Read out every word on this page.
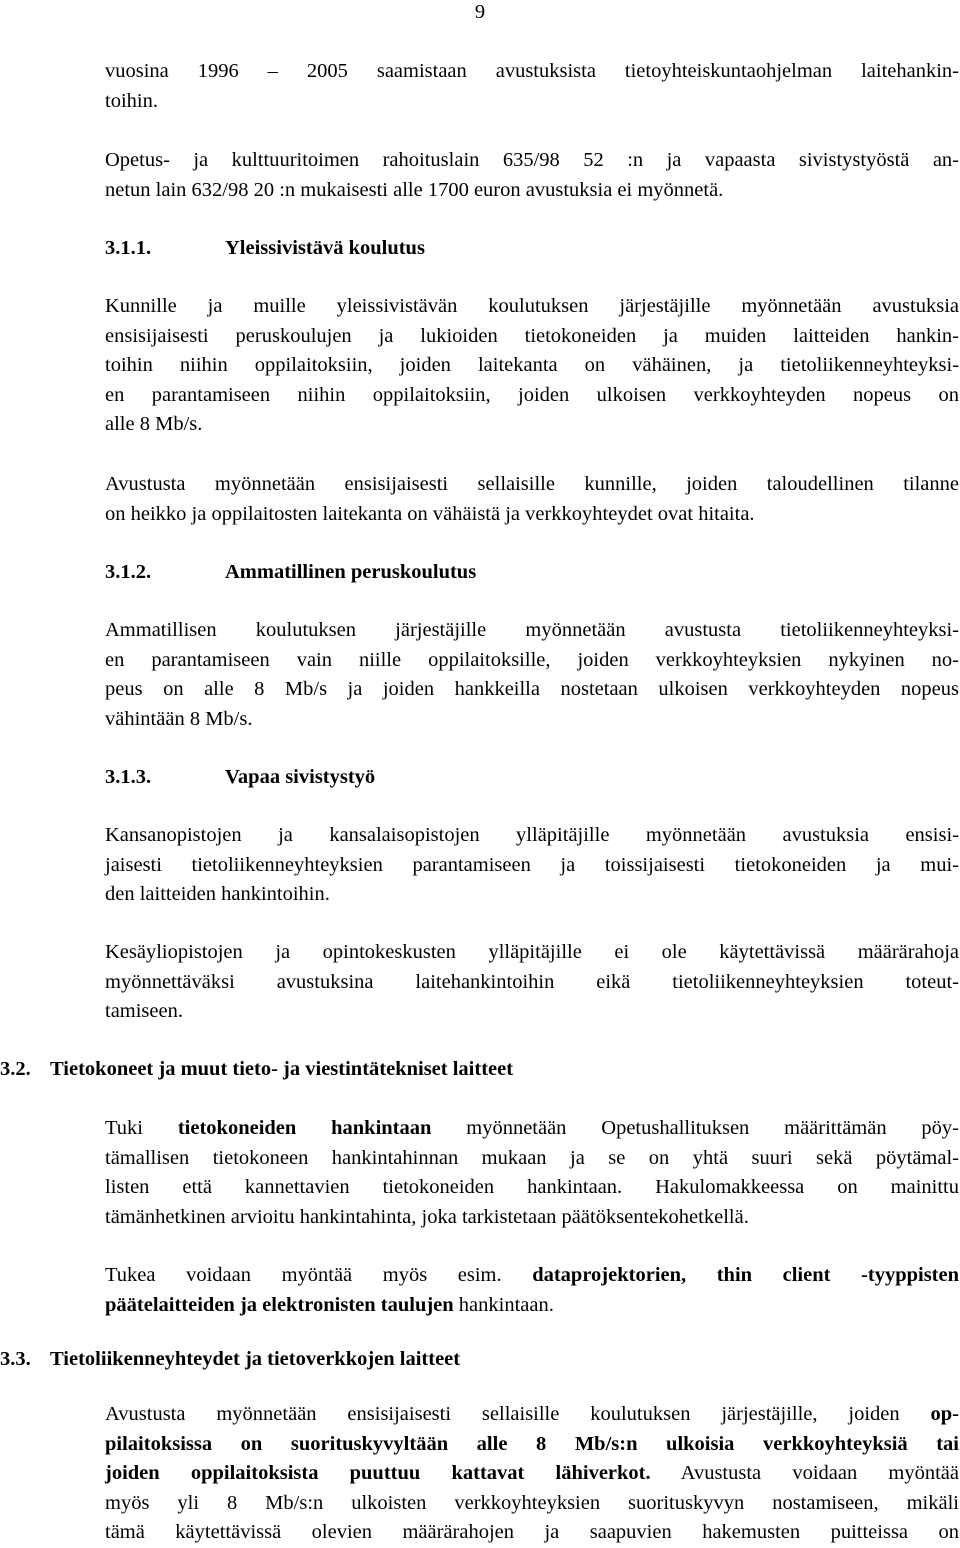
9
vuosina 1996 – 2005 saamistaan avustuksista tietoyhteiskuntaohjelman laitehankin-
toihin.
Opetus- ja kulttuuritoimen rahoituslain 635/98 52 :n ja vapaasta sivistystyöstä an-
netun lain 632/98 20 :n mukaisesti alle 1700 euron avustuksia ei myönnetä.
3.1.1.	Yleissivistävä koulutus
Kunnille ja muille yleissivistävän koulutuksen järjestäjille myönnetään avustuksia
ensisijaisesti peruskoulujen ja lukioiden tietokoneiden ja muiden laitteiden hankin-
toihin niihin oppilaitoksiin, joiden laitekanta on vähäinen, ja tietoliikenneyhteyksi-
en parantamiseen niihin oppilaitoksiin, joiden ulkoisen verkkoyhteyden nopeus on
alle 8 Mb/s.
Avustusta myönnetään ensisijaisesti sellaisille kunnille, joiden taloudellinen tilanne
on heikko ja oppilaitosten laitekanta on vähäistä ja verkkoyhteydet ovat hitaita.
3.1.2.	Ammatillinen peruskoulutus
Ammatillisen koulutuksen järjestäjille myönnetään avustusta tietoliikenneyhteyksi-
en parantamiseen vain niille oppilaitoksille, joiden verkkoyhteyksien nykyinen no-
peus on alle 8 Mb/s ja joiden hankkeilla nostetaan ulkoisen verkkoyhteyden nopeus
vähintään 8 Mb/s.
3.1.3.	Vapaa sivistystyö
Kansanopistojen ja kansalaisopistojen ylläpitäjille myönnetään avustuksia ensisi-
jaisesti tietoliikenneyhteyksien parantamiseen ja toissijaisesti tietokoneiden ja mui-
den laitteiden hankintoihin.
Kesäyliopistojen ja opintokeskusten ylläpitäjille ei ole käytettävissä määrärahoja
myönnettäväksi avustuksina laitehankintoihin eikä tietoliikenneyhteyksien toteut-
tamiseen.
3.2. Tietokoneet ja muut tieto- ja viestintätekniset laitteet
Tuki tietokoneiden hankintaan myönnetään Opetushallituksen määrittämän pöy-
tämallisen tietokoneen hankintahinnan mukaan ja se on yhtä suuri sekä pöytämal-
listen että kannettavien tietokoneiden hankintaan. Hakulomakkeessa on mainittu
tämänhetkinen arvioitu hankintahinta, joka tarkistetaan päätöksentekohetkellä.
Tukea voidaan myöntää myös esim. dataprojektorien, thin client -tyyppisten
päätelaitteiden ja elektronisten taulujen hankintaan.
3.3. Tietoliikenneyhteydet ja tietoverkkojen laitteet
Avustusta myönnetään ensisijaisesti sellaisille koulutuksen järjestäjille, joiden op-
pilaitoksissa on suorituskyvyltään alle 8 Mb/s:n ulkoisia verkkoyhteyksiä tai
joiden oppilaitoksista puuttuu kattavat lähiverkot. Avustusta voidaan myöntää
myös yli 8 Mb/s:n ulkoisten verkkoyhteyksien suorituskyvyn nostamiseen, mikäli
tämä käytettävissä olevien määrärahojen ja saapuvien hakemusten puitteissa on
